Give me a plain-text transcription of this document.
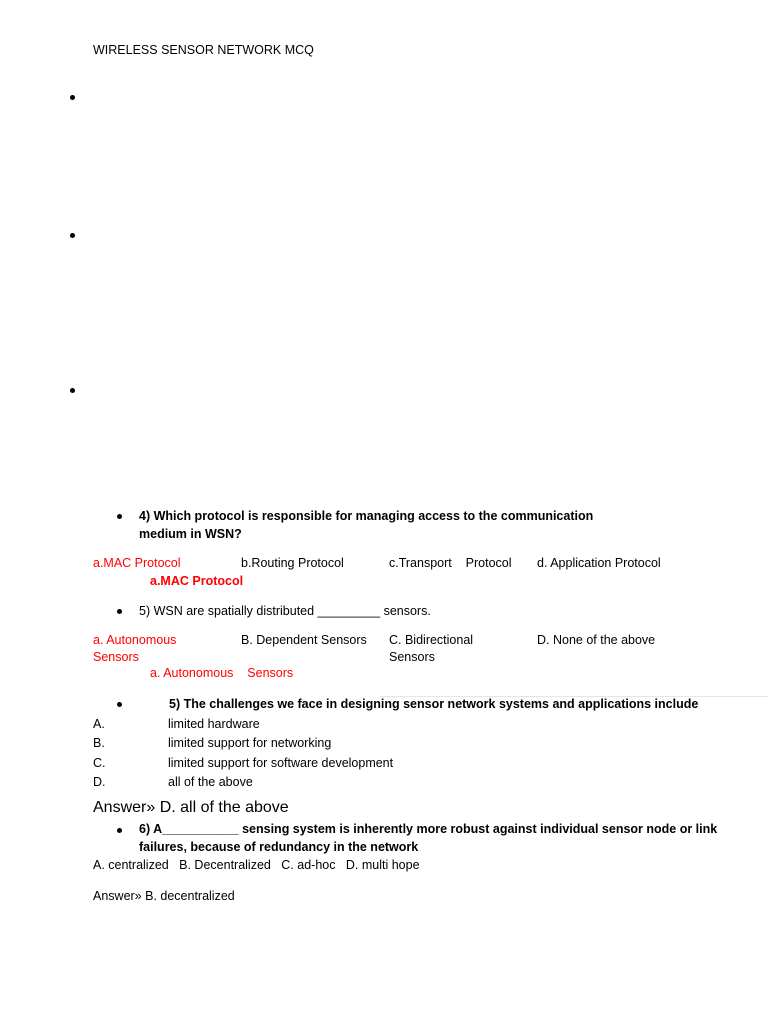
WIRELESS SENSOR NETWORK MCQ
4) Which protocol is responsible for managing access to the communication
medium in WSN?
a.MAC Protocol	b.Routing Protocol	c.Transport    Protocol d. Application Protocol
a.MAC Protocol
5) WSN are spatially distributed _________ sensors.
a. Autonomous
Sensors
B. Dependent Sensors C. Bidirectional
Sensors
D. None of the above
a. Autonomous    Sensors
5) The challenges we face in designing sensor network systems and applications include
A.	limited hardware
B.	limited support for networking
C.	limited support for software development
D.	all of the above
Answer» D. all of the above
6) A___________ sensing system is inherently more robust against individual sensor node or link
failures, because of redundancy in the network
A. centralized   B. Decentralized   C. ad-hoc   D. multi hope
Answer» B. decentralized
